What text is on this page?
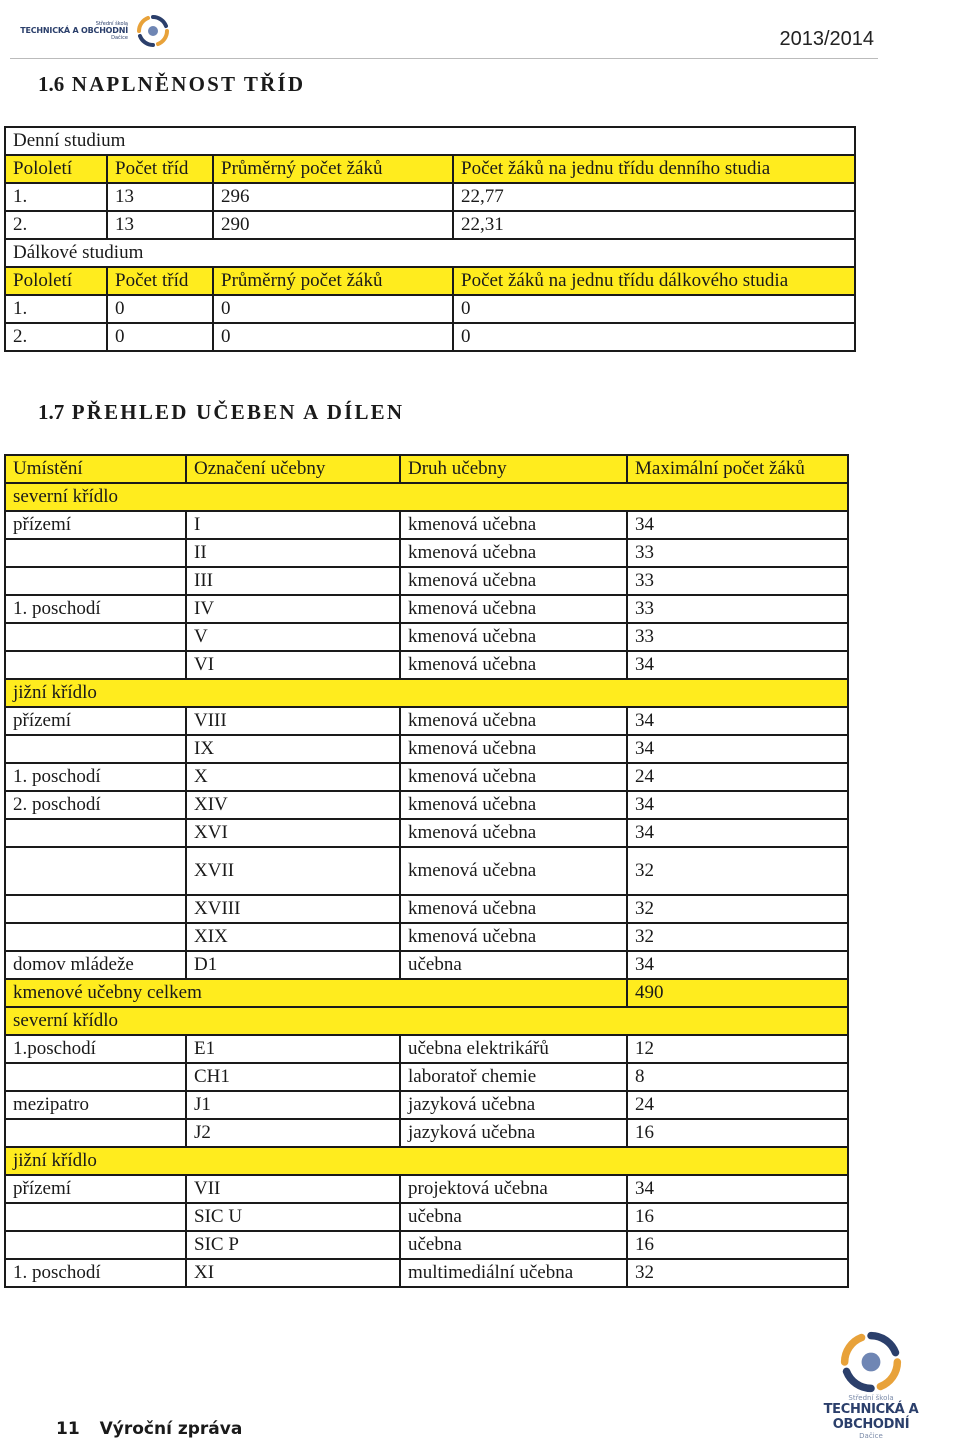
Střední škola
TECHNICKÁ A OBCHODNÍ
Dačice	2013/2014
1.6 NAPLNĚNOST TŘÍD
Denní studium			
Pololetí	Počet tříd	Průměrný počet žáků	Počet žáků na jednu třídu denního studia
1.	13	296	22,77
2.	13	290	22,31
Dálkové studium			
Pololetí	Počet tříd	Průměrný počet žáků	Počet žáků na jednu třídu dálkového studia
1.	0	0	0
2.	0	0	0
1.7 PŘEHLED UČEBEN A DÍLEN
Umístění	Označení učebny	Druh učebny	Maximální počet žáků
severní křídlo			
přízemí	I	kmenová učebna	34
	II	kmenová učebna	33
	III	kmenová učebna	33
1. poschodí	IV	kmenová učebna	33
	V	kmenová učebna	33
	VI	kmenová učebna	34
jižní křídlo			
přízemí	VIII	kmenová učebna	34
	IX	kmenová učebna	34
1. poschodí	X	kmenová učebna	24
2. poschodí	XIV	kmenová učebna	34
	XVI	kmenová učebna	34
	XVII	kmenová učebna	32
	XVIII	kmenová učebna	32
	XIX	kmenová učebna	32
domov mládeže	D1	učebna	34
kmenové učebny celkem			490
severní křídlo			
1.poschodí	E1	učebna elektrikářů	12
	CH1	laboratoř chemie	8
mezipatro	J1	jazyková učebna	24
	J2	jazyková učebna	16
jižní křídlo			
přízemí	VII	projektová učebna	34
	SIC U	učebna	16
	SIC P	učebna	16
1. poschodí	XI	multimediální učebna	32
11 Výroční zpráva
Střední škola
TECHNICKÁ A OBCHODNÍ
Dačice
